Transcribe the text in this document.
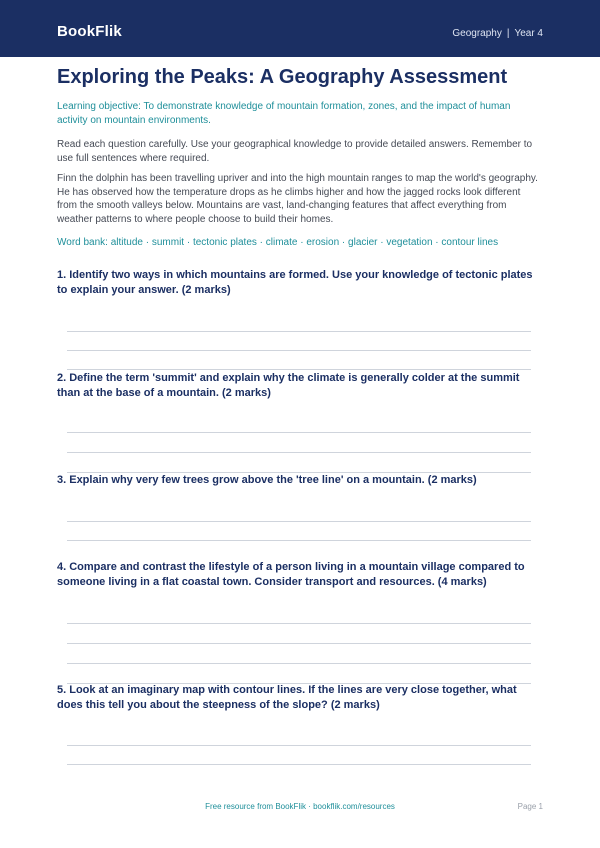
BookFlik	Geography | Year 4
Exploring the Peaks: A Geography Assessment
Learning objective: To demonstrate knowledge of mountain formation, zones, and the impact of human activity on mountain environments.
Read each question carefully. Use your geographical knowledge to provide detailed answers. Remember to use full sentences where required.
Finn the dolphin has been travelling upriver and into the high mountain ranges to map the world's geography. He has observed how the temperature drops as he climbs higher and how the jagged rocks look different from the smooth valleys below. Mountains are vast, land-changing features that affect everything from weather patterns to where people choose to build their homes.
Word bank: altitude · summit · tectonic plates · climate · erosion · glacier · vegetation · contour lines
1. Identify two ways in which mountains are formed. Use your knowledge of tectonic plates to explain your answer. (2 marks)
2. Define the term 'summit' and explain why the climate is generally colder at the summit than at the base of a mountain. (2 marks)
3. Explain why very few trees grow above the 'tree line' on a mountain. (2 marks)
4. Compare and contrast the lifestyle of a person living in a mountain village compared to someone living in a flat coastal town. Consider transport and resources. (4 marks)
5. Look at an imaginary map with contour lines. If the lines are very close together, what does this tell you about the steepness of the slope? (2 marks)
Free resource from BookFlik · bookflik.com/resources	Page 1
